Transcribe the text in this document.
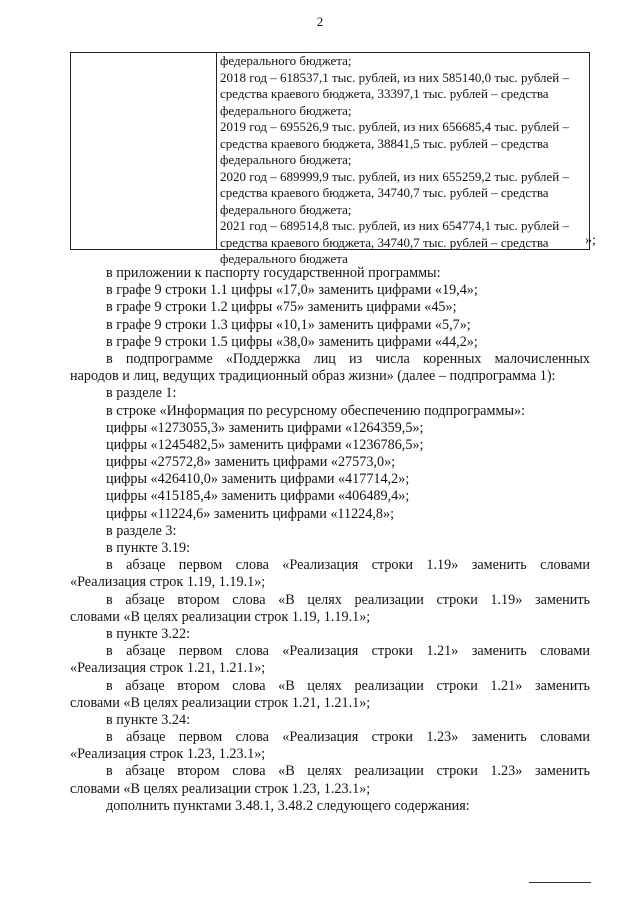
2
федерального бюджета;
2018 год – 618537,1 тыс. рублей, из них 585140,0 тыс. рублей –
средства краевого бюджета, 33397,1 тыс. рублей – средства
федерального бюджета;
2019 год – 695526,9 тыс. рублей, из них 656685,4 тыс. рублей –
средства краевого бюджета, 38841,5 тыс. рублей – средства
федерального бюджета;
2020 год – 689999,9 тыс. рублей, из них 655259,2 тыс. рублей –
средства краевого бюджета, 34740,7 тыс. рублей – средства
федерального бюджета;
2021 год – 689514,8 тыс. рублей, из них 654774,1 тыс. рублей –
средства краевого бюджета, 34740,7 тыс. рублей – средства
федерального бюджета
»;
в приложении к паспорту государственной программы:
в графе 9 строки 1.1 цифры «17,0» заменить цифрами «19,4»;
в графе 9 строки 1.2 цифры «75» заменить цифрами «45»;
в графе 9 строки 1.3 цифры «10,1» заменить цифрами «5,7»;
в графе 9 строки 1.5 цифры «38,0» заменить цифрами «44,2»;
в подпрограмме «Поддержка лиц из числа коренных малочисленных
народов и лиц, ведущих традиционный образ жизни» (далее – подпрограмма 1):
в разделе 1:
в строке «Информация по ресурсному обеспечению подпрограммы»:
цифры «1273055,3» заменить цифрами «1264359,5»;
цифры «1245482,5» заменить цифрами «1236786,5»;
цифры «27572,8» заменить цифрами «27573,0»;
цифры «426410,0» заменить цифрами «417714,2»;
цифры «415185,4» заменить цифрами «406489,4»;
цифры «11224,6» заменить цифрами «11224,8»;
в разделе 3:
в пункте 3.19:
в абзаце первом слова «Реализация строки 1.19» заменить словами
«Реализация строк 1.19, 1.19.1»;
в абзаце втором слова «В целях реализации строки 1.19» заменить
словами «В целях реализации строк 1.19, 1.19.1»;
в пункте 3.22:
в абзаце первом слова «Реализация строки 1.21» заменить словами
«Реализация строк 1.21, 1.21.1»;
в абзаце втором слова «В целях реализации строки 1.21» заменить
словами «В целях реализации строк 1.21, 1.21.1»;
в пункте 3.24:
в абзаце первом слова «Реализация строки 1.23» заменить словами
«Реализация строк 1.23, 1.23.1»;
в абзаце втором слова «В целях реализации строки 1.23» заменить
словами «В целях реализации строк 1.23, 1.23.1»;
дополнить пунктами 3.48.1, 3.48.2 следующего содержания:
